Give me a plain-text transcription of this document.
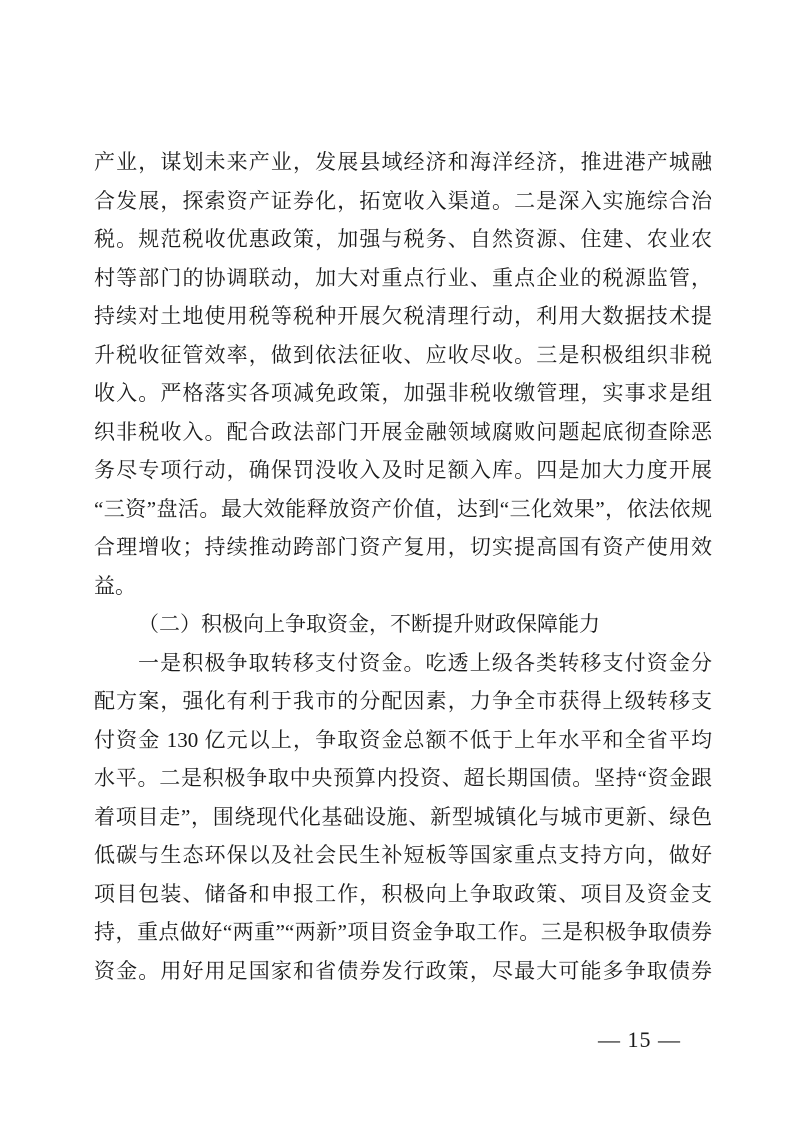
产业，谋划未来产业，发展县域经济和海洋经济，推进港产城融

合发展，探索资产证券化，拓宽收入渠道。二是深入实施综合治

税。规范税收优惠政策，加强与税务、自然资源、住建、农业农

村等部门的协调联动，加大对重点行业、重点企业的税源监管，

持续对土地使用税等税种开展欠税清理行动，利用大数据技术提

升税收征管效率，做到依法征收、应收尽收。三是积极组织非税

收入。严格落实各项减免政策，加强非税收缴管理，实事求是组

织非税收入。配合政法部门开展金融领域腐败问题起底彻查除恶

务尽专项行动，确保罚没收入及时足额入库。四是加大力度开展

“三资”盘活。最大效能释放资产价值，达到“三化效果”，依法依规

合理增收；持续推动跨部门资产复用，切实提高国有资产使用效

益。

（二）积极向上争取资金，不断提升财政保障能力

一是积极争取转移支付资金。吃透上级各类转移支付资金分

配方案，强化有利于我市的分配因素，力争全市获得上级转移支

付资金 130 亿元以上，争取资金总额不低于上年水平和全省平均

水平。二是积极争取中央预算内投资、超长期国债。坚持“资金跟

着项目走”，围绕现代化基础设施、新型城镇化与城市更新、绿色

低碳与生态环保以及社会民生补短板等国家重点支持方向，做好

项目包装、储备和申报工作，积极向上争取政策、项目及资金支

持，重点做好“两重”“两新”项目资金争取工作。三是积极争取债券

资金。用好用足国家和省债券发行政策，尽最大可能多争取债券

— 15 —
